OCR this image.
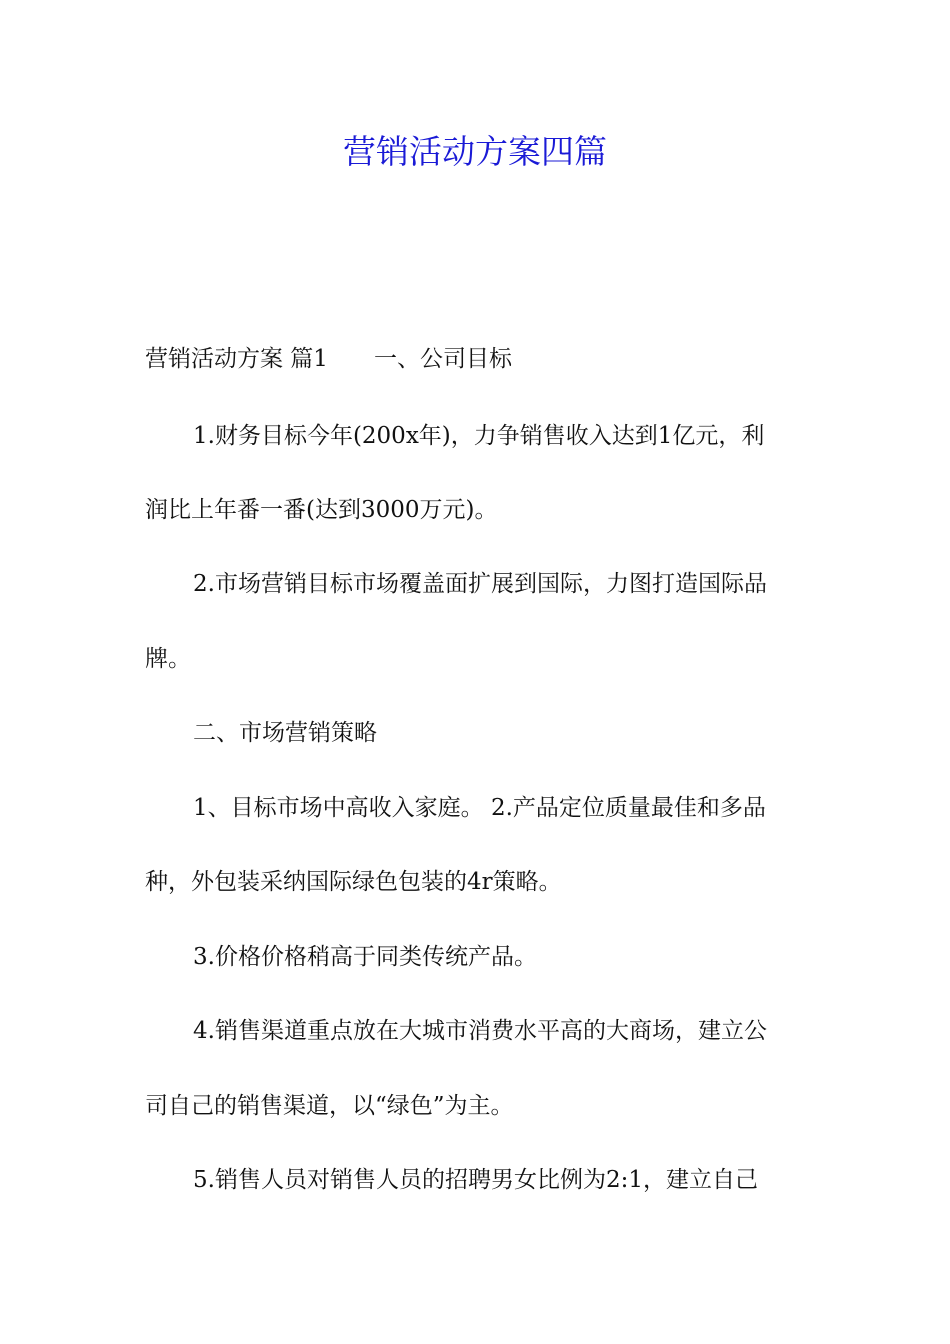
营销活动方案四篇

营销活动方案 篇1 一、公司目标

1.财务目标今年(200x年)，力争销售收入达到1亿元，利

润比上年番一番(达到3000万元)。

2.市场营销目标市场覆盖面扩展到国际，力图打造国际品

牌。

二、市场营销策略

1、目标市场中高收入家庭。 2.产品定位质量最佳和多品

种，外包装采纳国际绿色包装的4r策略。

3.价格价格稍高于同类传统产品。

4.销售渠道重点放在大城市消费水平高的大商场，建立公

司自己的销售渠道，以“绿色”为主。

5.销售人员对销售人员的招聘男女比例为2:1，建立自己
